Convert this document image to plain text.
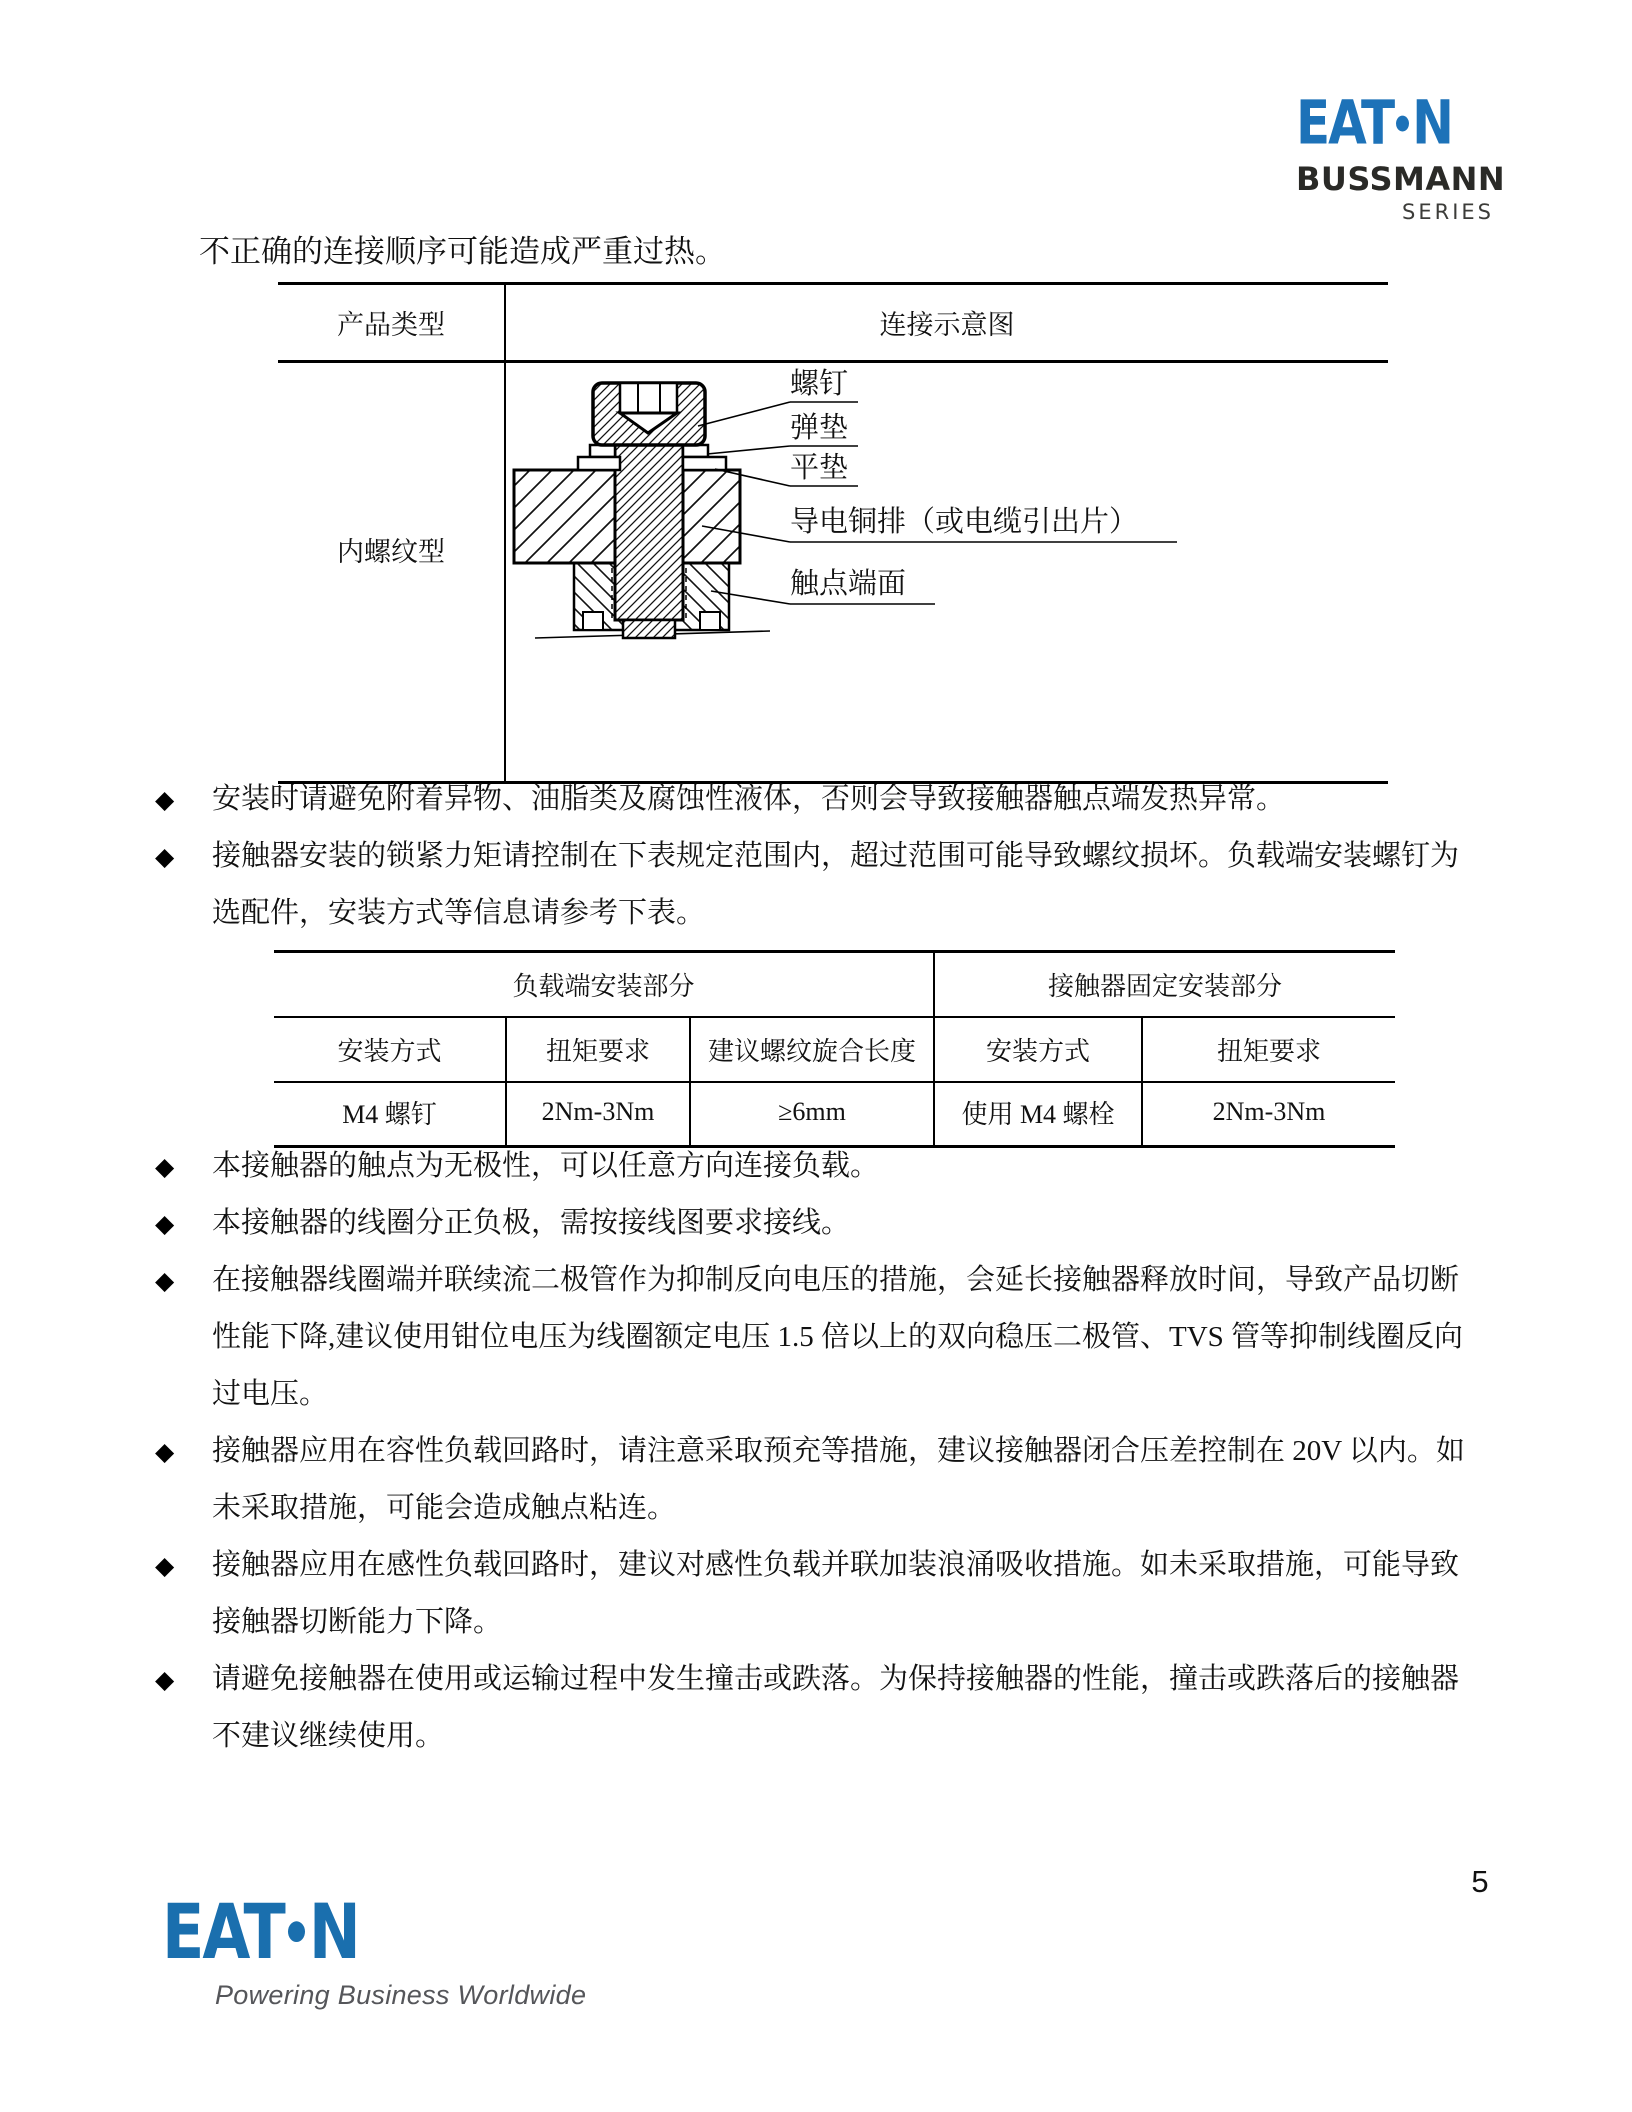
EAT N
BUSSMANN
SERIES
不正确的连接顺序可能造成严重过热。
产品类型	连接示意图
内螺纹型
螺钉
弹垫
平垫
导电铜排（或电缆引出片）
触点端面
◆	安装时请避免附着异物、油脂类及腐蚀性液体，否则会导致接触器触点端发热异常。
◆	接触器安装的锁紧力矩请控制在下表规定范围内，超过范围可能导致螺纹损坏。负载端安装螺钉为
选配件，安装方式等信息请参考下表。
负载端安装部分	接触器固定安装部分
安装方式	扭矩要求	建议螺纹旋合长度	安装方式	扭矩要求
M4 螺钉	2Nm-3Nm	≥6mm	使用 M4 螺栓	2Nm-3Nm
◆	本接触器的触点为无极性，可以任意方向连接负载。
◆	本接触器的线圈分正负极，需按接线图要求接线。
◆	在接触器线圈端并联续流二极管作为抑制反向电压的措施，会延长接触器释放时间，导致产品切断
性能下降,建议使用钳位电压为线圈额定电压 1.5 倍以上的双向稳压二极管、TVS 管等抑制线圈反向
过电压。
◆	接触器应用在容性负载回路时，请注意采取预充等措施，建议接触器闭合压差控制在 20V 以内。如
未采取措施，可能会造成触点粘连。
◆	接触器应用在感性负载回路时，建议对感性负载并联加装浪涌吸收措施。如未采取措施，可能导致
接触器切断能力下降。
◆	请避免接触器在使用或运输过程中发生撞击或跌落。为保持接触器的性能，撞击或跌落后的接触器
不建议继续使用。
5
EAT N
Powering Business Worldwide
